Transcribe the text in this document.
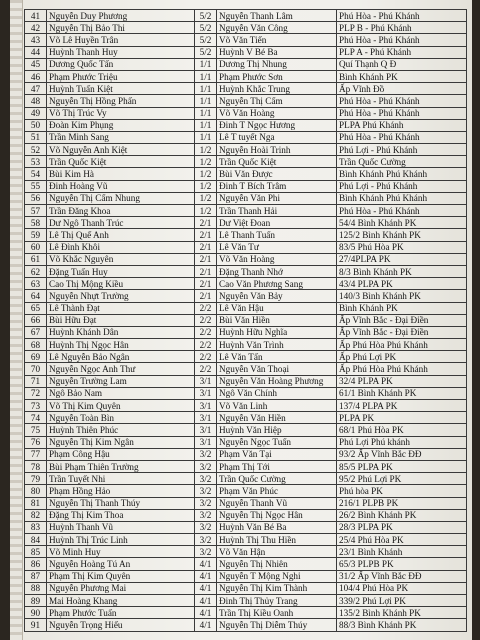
41	Nguyễn Duy Phương	5/2	Nguyễn Thanh Lâm	Phú Hòa - Phú Khánh
42	Nguyễn Thị Bảo Thi	5/2	Nguyễn Văn Công	PLP B - Phú Khánh
43	Võ Lê Huyền Trân	5/2	Võ Văn Tiến	Phú Hòa - Phú Khánh
44	Huỳnh Thanh Huy	5/2	Huỳnh V Bé Ba	PLP A - Phú Khánh
45	Dương Quốc Tấn	1/1	Dương Thị Nhung	Quí Thạnh Q Đ
46	Phạm Phước Triệu	1/1	Phạm Phước Sơn	Bình Khánh PK
47	Huỳnh Tuấn Kiệt	1/1	Huỳnh Khắc Trung	Ấp Vĩnh Đồ
48	Nguyễn Thị Hồng Phấn	1/1	Nguyễn Thị Cẩm	Phú Hòa - Phú Khánh
49	Võ Thị Trúc Vy	1/1	Võ Văn Hoàng	Phú Hòa - Phú Khánh
50	Đoàn Kim Phụng	1/1	Đinh T Ngọc Hương	PLPA Phú Khánh
51	Trần Minh Sang	1/1	Lê T tuyết Nga	Phú Hòa - Phú Khánh
52	Võ Nguyễn Anh Kiệt	1/2	Nguyễn Hoài Trinh	Phú Lợi - Phú Khánh
53	Trần Quốc Kiệt	1/2	Trần Quốc Kiệt	Trần Quốc Cường
54	Bùi Kim Hà	1/2	Bùi Văn Được	Bình Khánh Phú Khánh
55	Đinh Hoàng Vũ	1/2	Đinh T Bích Trâm	Phú Lợi - Phú Khánh
56	Nguyễn Thị Cẩm Nhung	1/2	Nguyễn Văn Phi	Bình Khánh Phú Khánh
57	Trần Đăng Khoa	1/2	Trần Thanh Hải	Phú Hòa - Phú Khánh
58	Dư Ngô Thanh Trúc	2/1	Dư Việt Đoan	54/4 Bình Khánh PK
59	Lê Thị Quế Anh	2/1	Lê Thanh Tuấn	125/2 Bình Khánh PK
60	Lê Đình Khôi	2/1	Lê Văn Tư	83/5 Phú Hòa PK
61	Võ Khắc Nguyên	2/1	Võ Văn Hoàng	27/4PLPA PK
62	Đặng Tuấn Huy	2/1	Đặng Thanh Nhớ	8/3 Bình Khánh PK
63	Cao Thị Mộng Kiều	2/1	Cao Văn Phương Sang	43/4 PLPA PK
64	Nguyễn Nhựt Trường	2/1	Nguyễn Văn Bảy	140/3 Bình Khánh PK
65	Lê Thành Đạt	2/2	Lê Văn Hậu	Bình Khánh PK
66	Bùi Hữu Đạt	2/2	Bùi Văn Hiền	Ấp Vĩnh Bắc - Đại Điền
67	Huỳnh Khánh Dân	2/2	Huỳnh Hữu Nghĩa	Ấp Vĩnh Bắc - Đại Điền
68	Huỳnh Thị Ngọc Hân	2/2	Huỳnh Văn Trình	Ấp Phú Hòa Phú Khánh
69	Lê Nguyễn Bảo Ngân	2/2	Lê Văn Tấn	Ấp Phú Lợi PK
70	Nguyễn Ngọc Anh Thư	2/2	Nguyễn Văn Thoại	Ấp Phú Hòa Phú Khánh
71	Nguyễn Trường Lam	3/1	Nguyễn Văn Hoàng Phương	32/4 PLPA PK
72	Ngô Bảo Nam	3/1	Ngô Văn Chính	61/1 Bình Khánh PK
73	Võ Thị Kim Quyên	3/1	Võ Văn Linh	137/4 PLPA PK
74	Nguyễn Toàn Bìn	3/1	Nguyễn Văn Hiền	PLPA PK
75	Huỳnh Thiên Phúc	3/1	Huỳnh Văn Hiệp	68/1 Phú Hòa PK
76	Nguyễn Thị Kim Ngân	3/1	Nguyễn Ngọc Tuấn	Phú Lợi Phú khánh
77	Phạm Công Hậu	3/2	Phạm Văn Tại	93/2 Ấp Vĩnh Bắc ĐĐ
78	Bùi Phạm Thiên Trường	3/2	Phạm Thị Tới	85/5 PLPA PK
79	Trần Tuyết Nhi	3/2	Trần Quốc Cường	95/2 Phú Lợi PK
80	Phạm Hồng Hảo	3/2	Phạm Văn Phúc	Phú hòa PK
81	Nguyễn Thị Thanh Thúy	3/2	Nguyễn Thanh Vũ	216/1 PLPB PK
82	Đặng Thị Kim Thoa	3/2	Nguyễn Thị Ngọc Hân	26/2 Bình Khánh PK
83	Huỳnh Thanh Vũ	3/2	Huỳnh Văn Bé Ba	28/3 PLPA PK
84	Huỳnh Thị Trúc Linh	3/2	Huỳnh Thị Thu Hiền	25/4 Phú Hòa PK
85	Võ Minh Huy	3/2	Võ Văn Hận	23/1 Bình Khánh
86	Nguyễn Hoàng Tú An	4/1	Nguyễn Thị Nhiên	65/3 PLPB PK
87	Phạm Thị Kim Quyên	4/1	Nguyễn T Mộng Nghi	31/2 Ấp Vĩnh Bắc ĐĐ
88	Nguyễn Phương Mai	4/1	Nguyễn Thị Kim Thành	104/4 Phú Hòa PK
89	Mai Hoàng Khang	4/1	Đinh Thị Thủy Trang	339/2 Phú Lợi PK
90	Phạm Phước Tuấn	4/1	Trần Thị Kiều Oanh	135/2 Bình Khánh PK
91	Nguyễn Trọng Hiếu	4/1	Nguyễn Thị Diễm Thúy	88/3 Bình Khánh PK
